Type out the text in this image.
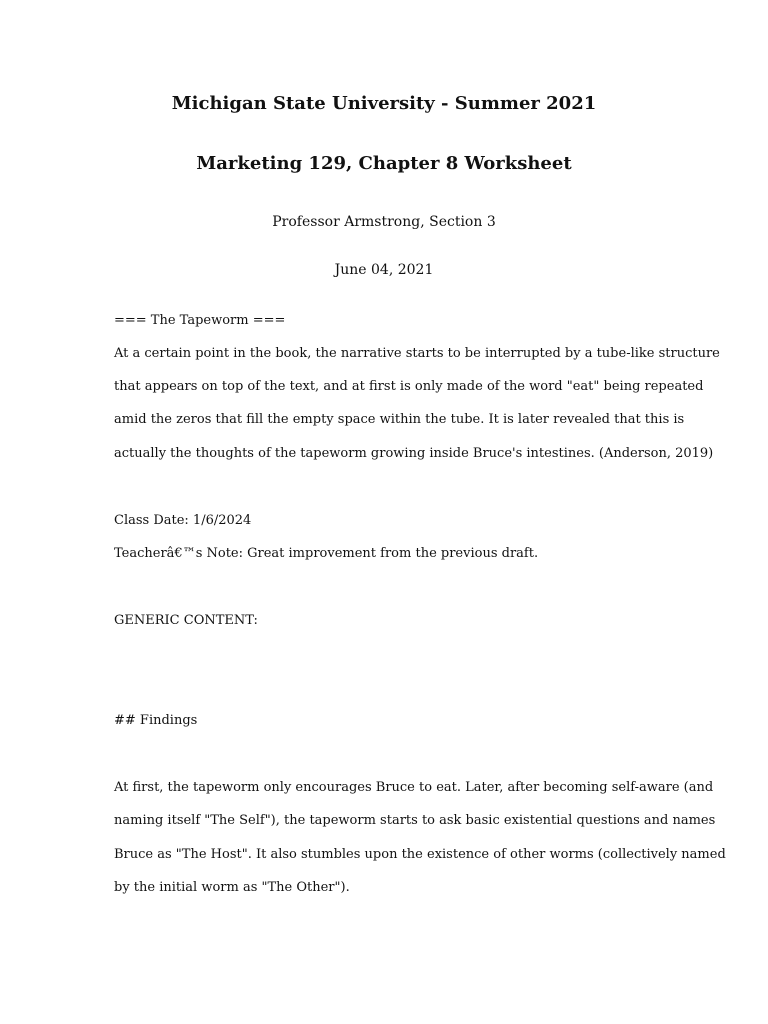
Michigan State University - Summer 2021
Marketing 129, Chapter 8 Worksheet

Professor Armstrong, Section 3

June 04, 2021

=== The Tapeworm ===

At a certain point in the book, the narrative starts to be interrupted by a tube-like structure

that appears on top of the text, and at first is only made of the word "eat" being repeated

amid the zeros that fill the empty space within the tube. It is later revealed that this is

actually the thoughts of the tapeworm growing inside Bruce's intestines. (Anderson, 2019)

Class Date: 1/6/2024

Teacherâ€™s Note: Great improvement from the previous draft.

GENERIC CONTENT:

## Findings

At first, the tapeworm only encourages Bruce to eat. Later, after becoming self-aware (and

naming itself "The Self"), the tapeworm starts to ask basic existential questions and names

Bruce as "The Host". It also stumbles upon the existence of other worms (collectively named

by the initial worm as "The Other").
